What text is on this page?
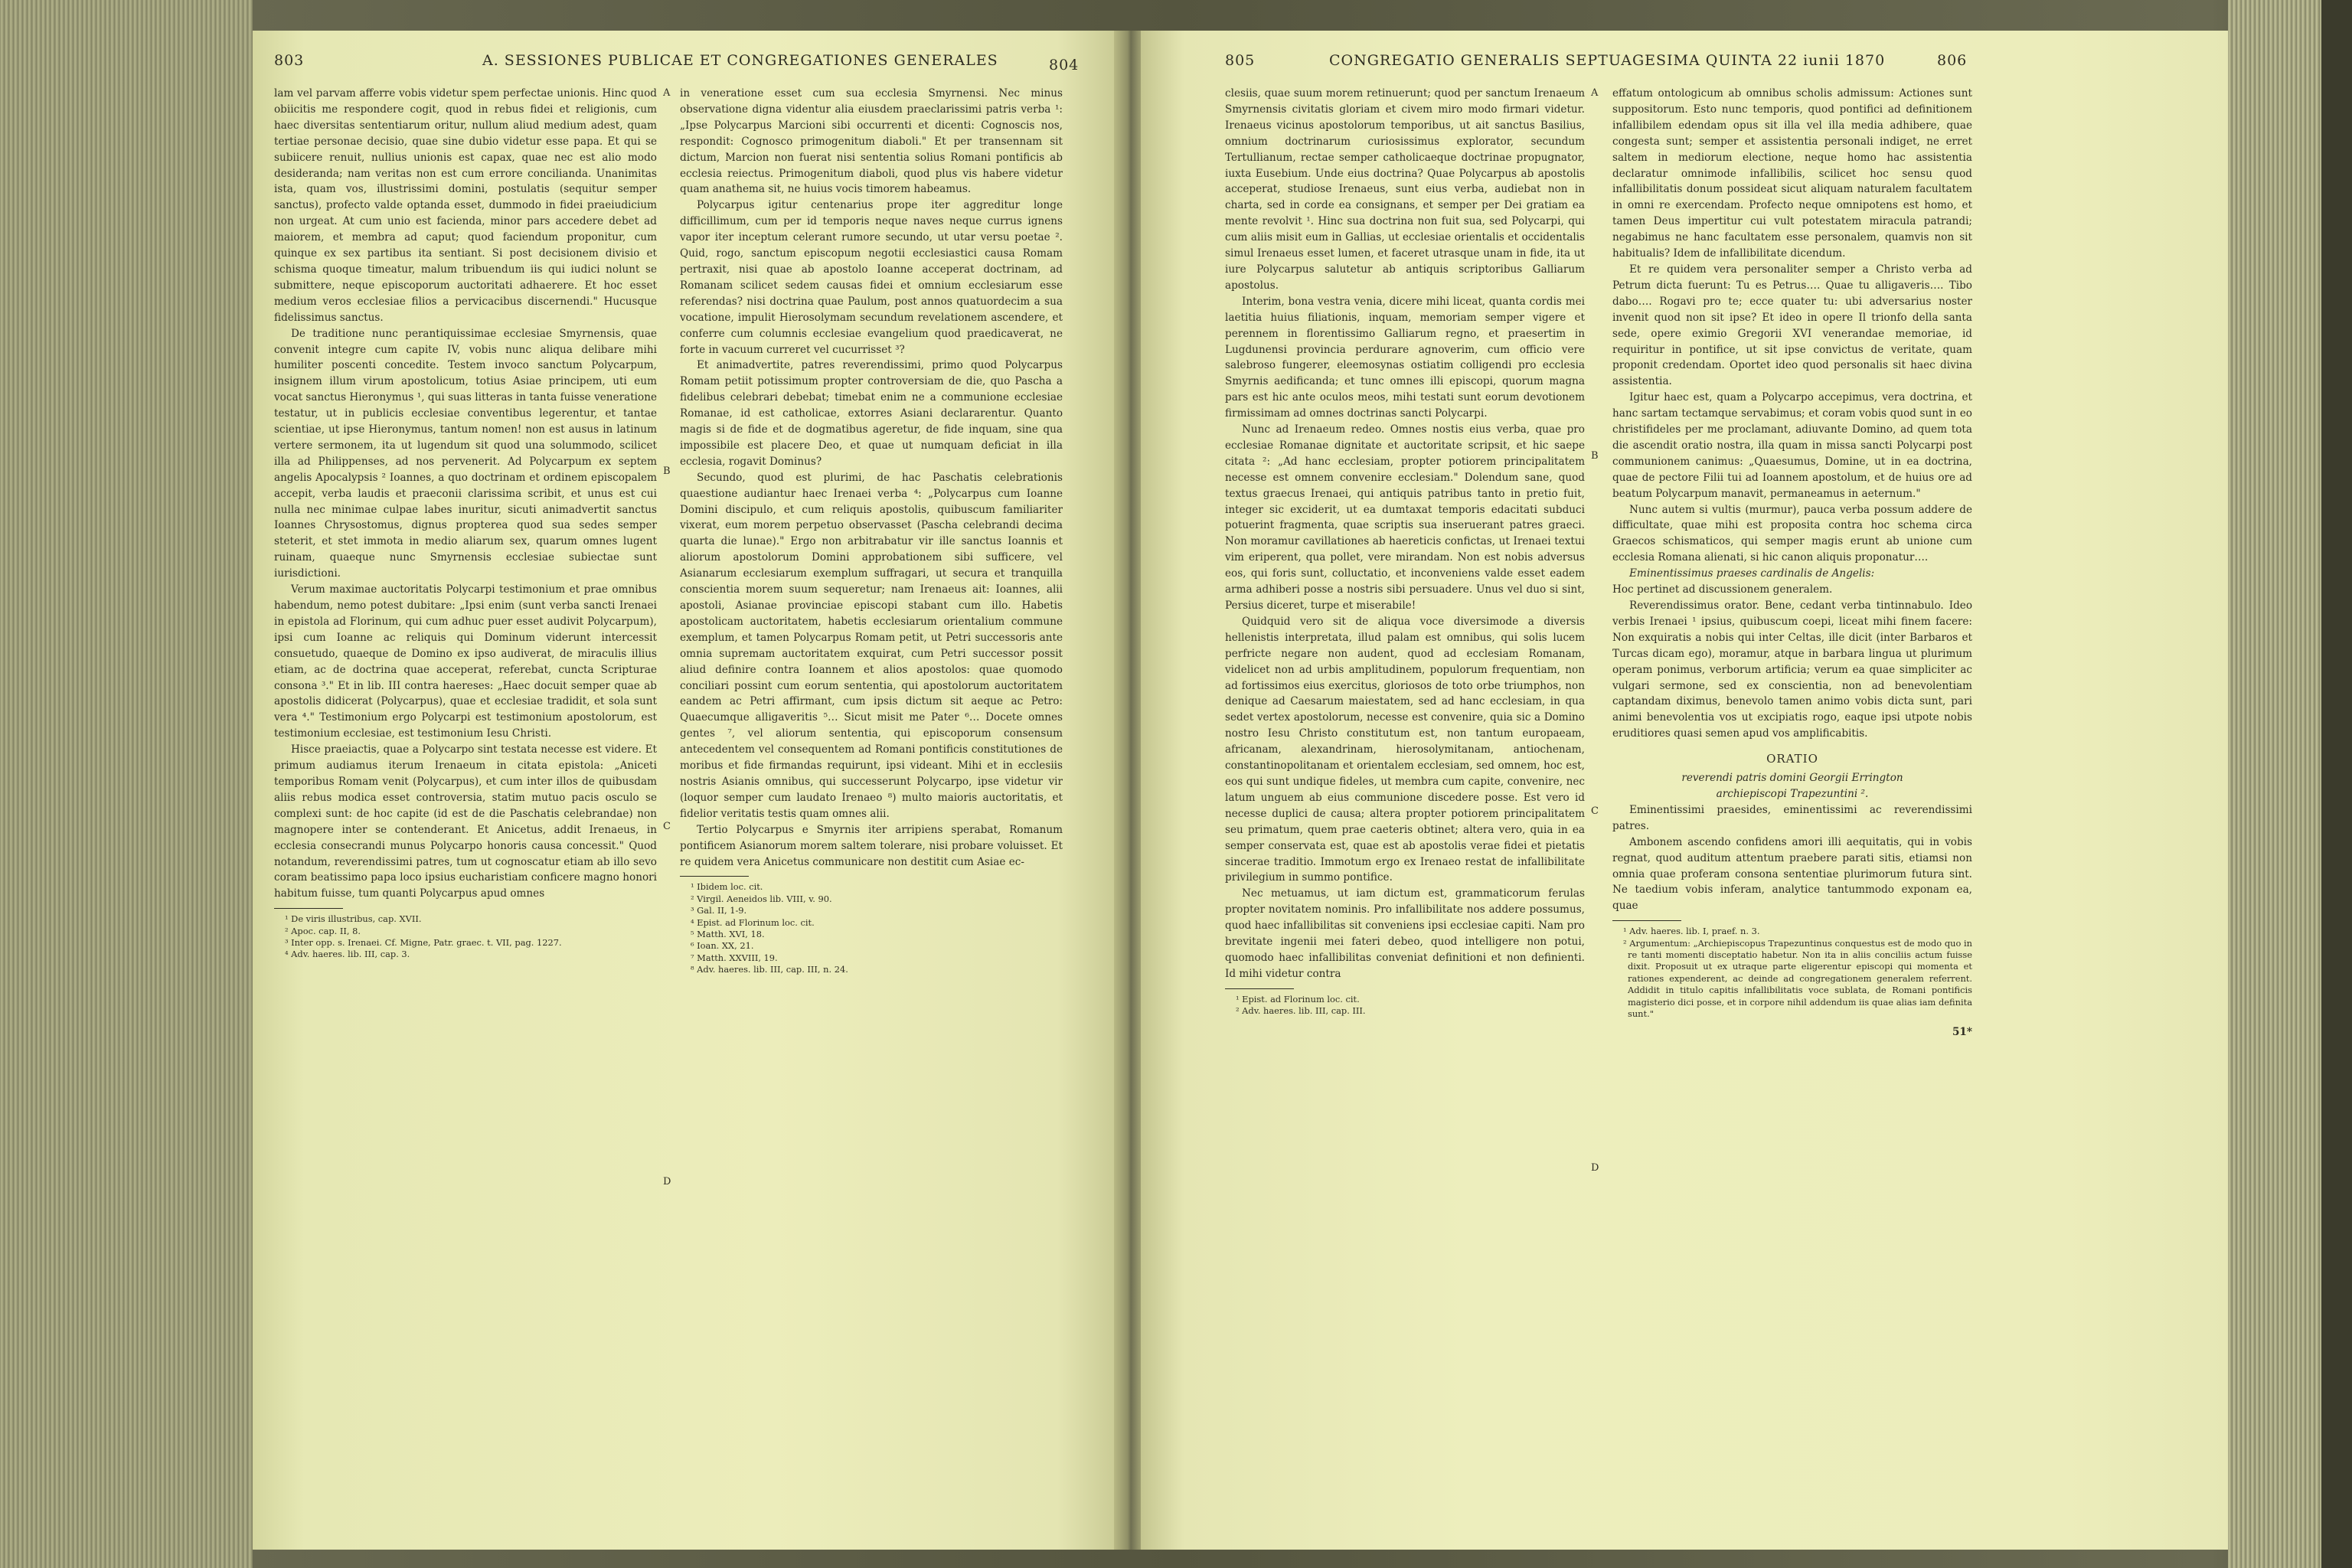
803	A. SESSIONES PUBLICAE ET CONGREGATIONES GENERALES	804

lam vel parvam afferre vobis videtur spem perfectae unionis. Hinc quod obiicitis me respondere cogit, quod in rebus fidei et religionis, cum haec diversitas sententiarum oritur, nullum aliud medium adest, quam tertiae personae decisio, quae sine dubio videtur esse papa. Et qui se subiicere renuit, nullius unionis est capax, quae nec est alio modo desideranda; nam veritas non est cum errore conciliandа. Unanimitas ista, quam vos, illustrissimi domini, postulatis (sequitur semper sanctus), profecto valde optanda esset, dummodo in fidei praeiudicium non urgeat. At cum unio est facienda, minor pars accedere debet ad maiorem, et membra ad caput; quod faciendum proponitur, cum quinque ex sex partibus ita sentiant. Si post decisionem divisio et schisma quoque timeatur, malum tribuendum iis qui iudici nolunt se submittere, neque episcoporum auctoritati adhaerere. Et hoc esset medium veros ecclesiae filios a pervicacibus discernendi." Hucusque fidelissimus sanctus.

De traditione nunc perantiquissimae ecclesiae Smyrnensis, quae convenit integre cum capite IV, vobis nunc aliqua delibare mihi humiliter poscenti concedite. Testem invoco sanctum Polycarpum, insignem illum virum apostolicum, totius Asiae principem, uti eum vocat sanctus Hieronymus ¹, qui suas litteras in tanta fuisse veneratione testatur, ut in publicis ecclesiae conventibus legerentur, et tantae scientiae, ut ipse Hieronymus, tantum nomen! non est ausus in latinum vertere sermonem, ita ut lugendum sit quod una solummodo, scilicet illa ad Philippenses, ad nos pervenerit. Ad Polycarpum ex septem angelis Apocalypsis ² Ioannes, a quo doctrinam et ordinem episcopalem accepit, verba laudis et praeconii clarissima scribit, et unus est cui nulla nec minimae culpae labes inuritur, sicuti animadvertit sanctus Ioannes Chrysostomus, dignus propterea quod sua sedes semper steterit, et stet immota in medio aliarum sex, quarum omnes lugent ruinam, quaeque nunc Smyrnensis ecclesiae subiectae sunt iurisdictioni.

Verum maximae auctoritatis Polycarpi testimonium et prae omnibus habendum, nemo potest dubitare: „Ipsi enim (sunt verba sancti Irenaei in epistola ad Florinum, qui cum adhuc puer esset audivit Polycarpum), ipsi cum Ioanne ac reliquis qui Dominum viderunt intercessit consuetudo, quaeque de Domino ex ipso audiverat, de miraculis illius etiam, ac de doctrina quae acceperat, referebat, cuncta Scripturae consona ³." Et in lib. III contra haereses: „Haec docuit semper quae ab apostolis didicerat (Polycarpus), quae et ecclesiae tradidit, et sola sunt vera ⁴." Testimonium ergo Polycarpi est testimonium apostolorum, est testimonium ecclesiae, est testimonium Iesu Christi.

Hisce praeiactis, quae a Polycarpo sint testata necesse est videre. Et primum audiamus iterum Irenaeum in citata epistola: „Aniceti temporibus Romam venit (Polycarpus), et cum inter illos de quibusdam aliis rebus modica esset controversia, statim mutuo pacis osculo se complexi sunt: de hoc capite (id est de die Paschatis celebrandae) non magnopere inter se contenderant. Et Anicetus, addit Irenaeus, in ecclesia consecrandi munus Polycarpo honoris causa concessit." Quod notandum, reverendissimi patres, tum ut cognoscatur etiam ab illo sevo coram beatissimo papa loco ipsius eucharistiam conficere magno honori habitum fuisse, tum quanti Polycarpus apud omnes

¹ De viris illustribus, cap. XVII.
² Apoc. cap. II, 8.
³ Inter opp. s. Irenaei. Cf. Migne, Patr. graec. t. VII, pag. 1227.
⁴ Adv. haeres. lib. III, cap. 3.
A
B
C
D

in veneratione esset cum sua ecclesia Smyrnensi. Nec minus observatione digna videntur alia eiusdem praeclarissimi patris verba ¹: „Ipse Polycarpus Marcioni sibi occurrenti et dicenti: Cognoscis nos, respondit: Cognosco primogenitum diaboli." Et per transennam sit dictum, Marcion non fuerat nisi sententia solius Romani pontificis ab ecclesia reiectus. Primogenitum diaboli, quod plus vis habere videtur quam anathema sit, ne huius vocis timorem habeamus.

Polycarpus igitur centenarius prope iter aggreditur longe difficillimum, cum per id temporis neque naves neque currus ignens vapor iter inceptum celerant rumore secundo, ut utar versu poetae ². Quid, rogo, sanctum episcopum negotii ecclesiastici causa Romam pertraxit, nisi quae ab apostolo Ioanne acceperat doctrinam, ad Romanam scilicet sedem causas fidei et omnium ecclesiarum esse referendas? nisi doctrina quae Paulum, post annos quatuordecim a sua vocatione, impulit Hierosolymam secundum revelationem ascendere, et conferre cum columnis ecclesiae evangelium quod praedicaverat, ne forte in vacuum curreret vel cucurrisset ³?

Et animadvertite, patres reverendissimi, primo quod Polycarpus Romam petiit potissimum propter controversiam de die, quo Pascha a fidelibus celebrari debebat; timebat enim ne a communione ecclesiae Romanae, id est catholicae, extorres Asiani declararentur. Quanto magis si de fide et de dogmatibus ageretur, de fide inquam, sine qua impossibile est placere Deo, et quae ut numquam deficiat in illa ecclesia, rogavit Dominus?

Secundo, quod est plurimi, de hac Paschatis celebrationis quaestione audiantur haec Irenaei verba ⁴: „Polycarpus cum Ioanne Domini discipulo, et cum reliquis apostolis, quibuscum familiariter vixerat, eum morem perpetuo observasset (Pascha celebrandi decima quarta die lunae)." Ergo non arbitrabatur vir ille sanctus Ioannis et aliorum apostolorum Domini approbationem sibi sufficere, vel Asianarum ecclesiarum exemplum suffragari, ut secura et tranquilla conscientia morem suum sequeretur; nam Irenaeus ait: Ioannes, alii apostoli, Asianae provinciae episcopi stabant cum illo. Habetis apostolicam auctoritatem, habetis ecclesiarum orientalium commune exemplum, et tamen Polycarpus Romam petit, ut Petri successoris ante omnia supremam auctoritatem exquirat, cum Petri successor possit aliud definire contra Ioannem et alios apostolos: quae quomodo conciliari possint cum eorum sententia, qui apostolorum auctoritatem eandem ac Petri affirmant, cum ipsis dictum sit aeque ac Petro: Quaecumque alligaveritis ⁵… Sicut misit me Pater ⁶… Docete omnes gentes ⁷, vel aliorum sententia, qui episcoporum consensum antecedentem vel consequentem ad Romani pontificis constitutiones de moribus et fide firmandas requirunt, ipsi videant. Mihi et in ecclesiis nostris Asianis omnibus, qui successerunt Polycarpo, ipse videtur vir (loquor semper cum laudato Irenaeo ⁸) multo maioris auctoritatis, et fidelior veritatis testis quam omnes alii.

Tertio Polycarpus e Smyrnis iter arripiens sperabat, Romanum pontificem Asianorum morem saltem tolerare, nisi probare voluisset. Et re quidem vera Anicetus communicare non destitit cum Asiae ec-

¹ Ibidem loc. cit.
² Virgil. Aeneidos lib. VIII, v. 90.
³ Gal. II, 1-9.
⁴ Epist. ad Florinum loc. cit.
⁵ Matth. XVI, 18.
⁶ Ioan. XX, 21.
⁷ Matth. XXVIII, 19.
⁸ Adv. haeres. lib. III, cap. III, n. 24.
805	CONGREGATIO GENERALIS SEPTUAGESIMA QUINTA 22 iunii 1870	806

clesiis, quae suum morem retinuerunt; quod per sanctum Irenaeum Smyrnensis civitatis gloriam et civem miro modo firmari videtur. Irenaeus vicinus apostolorum temporibus, ut ait sanctus Basilius, omnium doctrinarum curiosissimus explorator, secundum Tertullianum, rectae semper catholicaeque doctrinae propugnator, iuxta Eusebium. Unde eius doctrina? Quae Polycarpus ab apostolis acceperat, studiose Irenaeus, sunt eius verba, audiebat non in charta, sed in corde ea consignans, et semper per Dei gratiam ea mente revolvit ¹. Hinc sua doctrina non fuit sua, sed Polycarpi, qui cum aliis misit eum in Gallias, ut ecclesiae orientalis et occidentalis simul Irenaeus esset lumen, et faceret utrasque unam in fide, ita ut iure Polycarpus salutetur ab antiquis scriptoribus Galliarum apostolus.

Interim, bona vestra venia, dicere mihi liceat, quanta cordis mei laetitia huius filiationis, inquam, memoriam semper vigere et perennem in florentissimo Galliarum regno, et praesertim in Lugdunensi provincia perdurare agnoverim, cum officio vere salebroso fungerer, eleemosynas ostiatim colligendi pro ecclesia Smyrnis aedificanda; et tunc omnes illi episcopi, quorum magna pars est hic ante oculos meos, mihi testati sunt eorum devotionem firmissimam ad omnes doctrinas sancti Polycarpi.

Nunc ad Irenaeum redeo. Omnes nostis eius verba, quae pro ecclesiae Romanae dignitate et auctoritate scripsit, et hic saepe citata ²: „Ad hanc ecclesiam, propter potiorem principalitatem necesse est omnem convenire ecclesiam." Dolendum sane, quod textus graecus Irenaei, qui antiquis patribus tanto in pretio fuit, integer sic exciderit, ut ea dumtaxat temporis edacitati subduci potuerint fragmenta, quae scriptis sua inseruerant patres graeci. Non moramur cavillationes ab haereticis confictas, ut Irenaei textui vim eriperent, qua pollet, vere mirandam. Non est nobis adversus eos, qui foris sunt, colluctatio, et inconveniens valde esset eadem arma adhiberi posse a nostris sibi persuadere. Unus vel duo si sint, Persius diceret, turpe et miserabile!

Quidquid vero sit de aliqua voce diversimode a diversis hellenistis interpretata, illud palam est omnibus, qui solis lucem perfricte negare non audent, quod ad ecclesiam Romanam, videlicet non ad urbis amplitudinem, populorum frequentiam, non ad fortissimos eius exercitus, gloriosos de toto orbe triumphos, non denique ad Caesarum maiestatem, sed ad hanc ecclesiam, in qua sedet vertex apostolorum, necesse est convenire, quia sic a Domino nostro Iesu Christo constitutum est, non tantum europaeam, africanam, alexandrinam, hierosolymitanam, antiochenam, constantinopolitanam et orientalem ecclesiam, sed omnem, hoc est, eos qui sunt undique fideles, ut membra cum capite, convenire, nec latum unguem ab eius communione discedere posse. Est vero id necesse duplici de causa; altera propter potiorem principalitatem seu primatum, quem prae caeteris obtinet; altera vero, quia in ea semper conservata est, quae est ab apostolis verae fidei et pietatis sincerae traditio. Immotum ergo ex Irenaeo restat de infallibilitate privilegium in summo pontifice.

Nec metuamus, ut iam dictum est, grammaticorum ferulas propter novitatem nominis. Pro infallibilitate nos addere possumus, quod haec infallibilitas sit conveniens ipsi ecclesiae capiti. Nam pro brevitate ingenii mei fateri debeo, quod intelligere non potui, quomodo haec infallibilitas conveniat definitioni et non definienti. Id mihi videtur contra

¹ Epist. ad Florinum loc. cit.
² Adv. haeres. lib. III, cap. III.
A
B
C
D

effatum ontologicum ab omnibus scholis admissum: Actiones sunt suppositorum. Esto nunc temporis, quod pontifici ad definitionem infallibilem edendam opus sit illa vel illa media adhibere, quae congesta sunt; semper et assistentia personali indiget, ne erret saltem in mediorum electione, neque homo hac assistentia declaratur omnimode infallibilis, scilicet hoc sensu quod infallibilitatis donum possideat sicut aliquam naturalem facultatem in omni re exercendam. Profecto neque omnipotens est homo, et tamen Deus impertitur cui vult potestatem miracula patrandi; negabimus ne hanc facultatem esse personalem, quamvis non sit habitualis? Idem de infallibilitate dicendum.

Et re quidem vera personaliter semper a Christo verba ad Petrum dicta fuerunt: Tu es Petrus…. Quae tu alligaveris…. Tibo dabo…. Rogavi pro te; ecce quater tu: ubi adversarius noster invenit quod non sit ipse? Et ideo in opere Il trionfo della santa sede, opere eximio Gregorii XVI venerandae memoriae, id requiritur in pontifice, ut sit ipse convictus de veritate, quam proponit credendam. Oportet ideo quod personalis sit haec divina assistentia.

Igitur haec est, quam a Polycarpo accepimus, vera doctrina, et hanc sartam tectamque servabimus; et coram vobis quod sunt in eo christifideles per me proclamant, adiuvante Domino, ad quem tota die ascendit oratio nostra, illa quam in missa sancti Polycarpi post communionem canimus: „Quaesumus, Domine, ut in ea doctrina, quae de pectore Filii tui ad Ioannem apostolum, et de huius ore ad beatum Polycarpum manavit, permaneamus in aeternum."

Nunc autem si vultis (murmur), pauca verba possum addere de difficultate, quae mihi est proposita contra hoc schema circa Graecos schismaticos, qui semper magis erunt ab unione cum ecclesia Romana alienati, si hic canon aliquis proponatur….

Eminentissimus praeses cardinalis de Angelis:

Hoc pertinet ad discussionem generalem.

Reverendissimus orator. Bene, cedant verba tintinnabulo. Ideo verbis Irenaei ¹ ipsius, quibuscum coepi, liceat mihi finem facere: Non exquiratis a nobis qui inter Celtas, ille dicit (inter Barbaros et Turcas dicam ego), moramur, atque in barbara lingua ut plurimum operam ponimus, verborum artificia; verum ea quae simpliciter ac vulgari sermone, sed ex conscientia, non ad benevolentiam captandam diximus, benevolo tamen animo vobis dicta sunt, pari animi benevolentia vos ut excipiatis rogo, eaque ipsi utpote nobis eruditiores quasi semen apud vos amplificabitis.

ORATIO

reverendi patris domini Georgii Errington

archiepiscopi Trapezuntini ².

Eminentissimi praesides, eminentissimi ac reverendissimi patres.

Ambonem ascendo confidens amori illi aequitatis, qui in vobis regnat, quod auditum attentum praeberе parati sitis, etiamsi non omnia quae proferam consona sententiae plurimorum futura sint. Ne taedium vobis inferam, analytice tantummodo exponam ea, quae

¹ Adv. haeres. lib. I, praef. n. 3.
² Argumentum: „Archiepiscopus Trapezuntinus conquestus est de modo quo in re tanti momenti disceptatio habetur. Non ita in aliis conciliis actum fuisse dixit. Proposuit ut ex utraque parte eligerentur episcopi qui momenta et rationes expenderent, ac deinde ad congregationem generalem referrent. Addidit in titulo capitis infallibilitatis voce sublata, de Romani pontificis magisterio dici posse, et in corpore nihil addendum iis quae alias iam definita sunt."
51*
